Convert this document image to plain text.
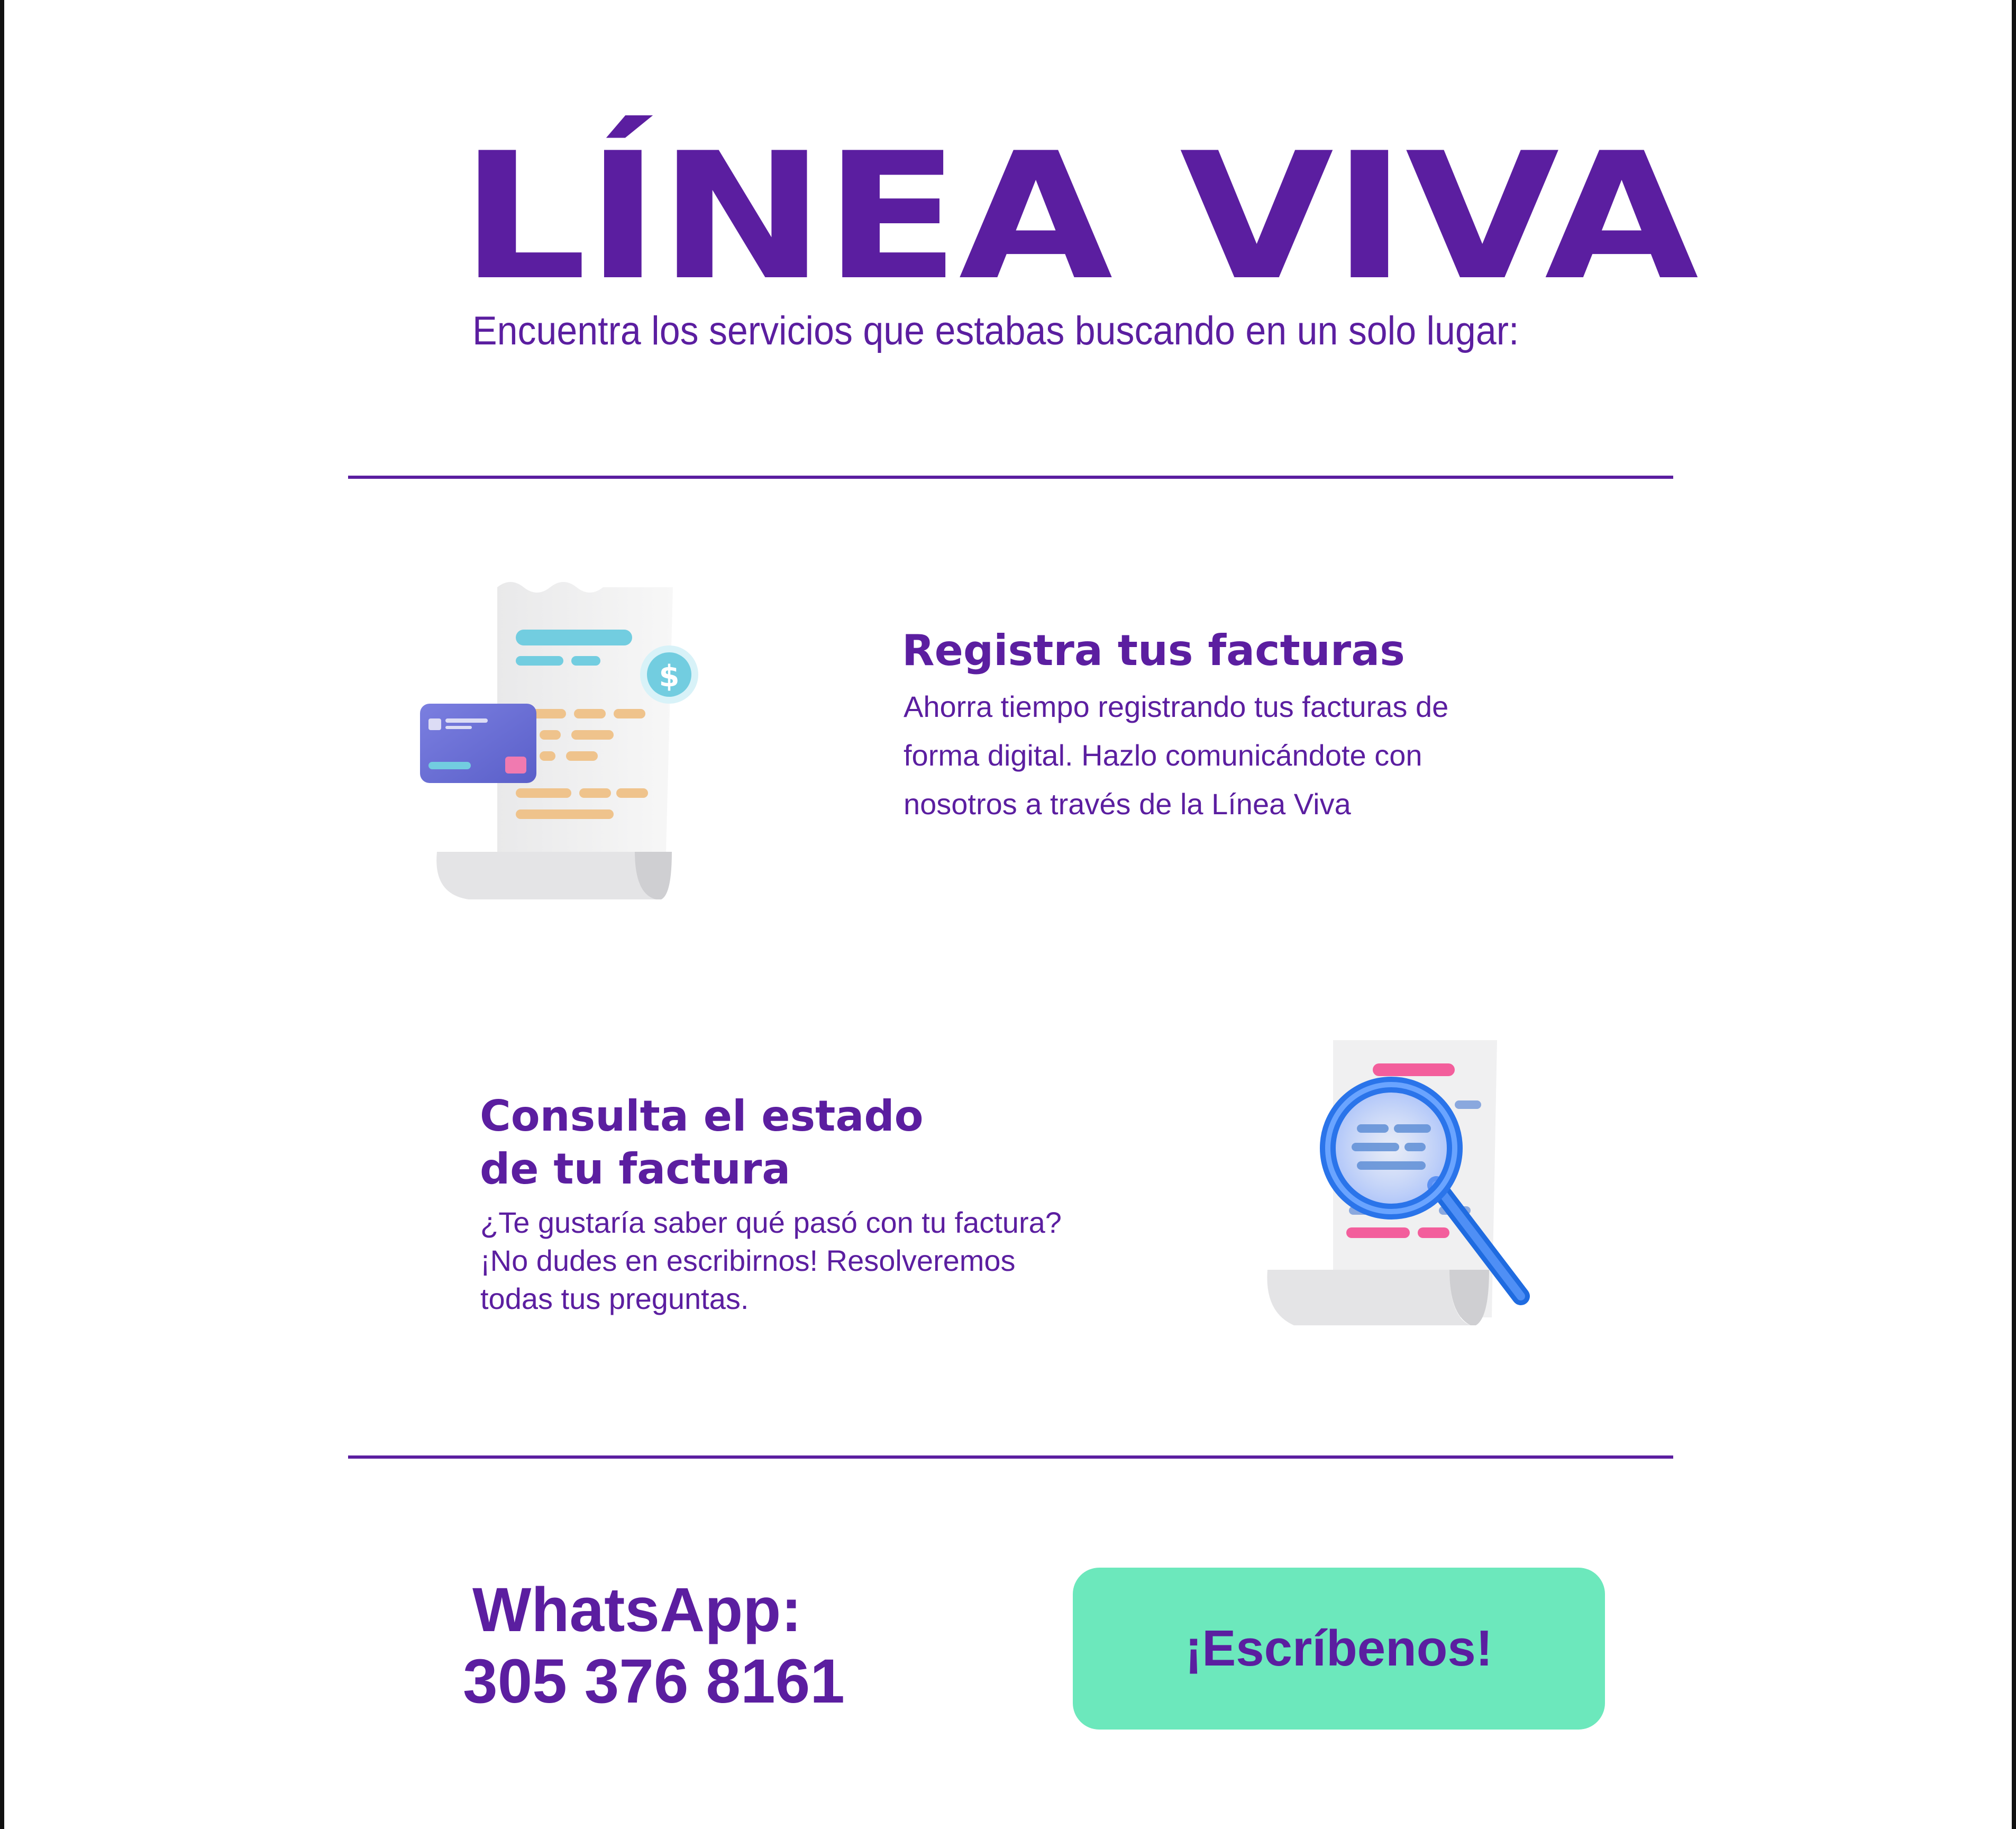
LÍNEA VIVA
Encuentra los servicios que estabas buscando en un solo lugar:
$
Registra tus facturas
Ahorra tiempo registrando tus facturas de
forma digital. Hazlo comunicándote con
nosotros a través de la Línea Viva
Consulta el estado
de tu factura
¿Te gustaría saber qué pasó con tu factura?
¡No dudes en escribirnos! Resolveremos
todas tus preguntas.
WhatsApp:
305 376 8161	¡Escríbenos!
